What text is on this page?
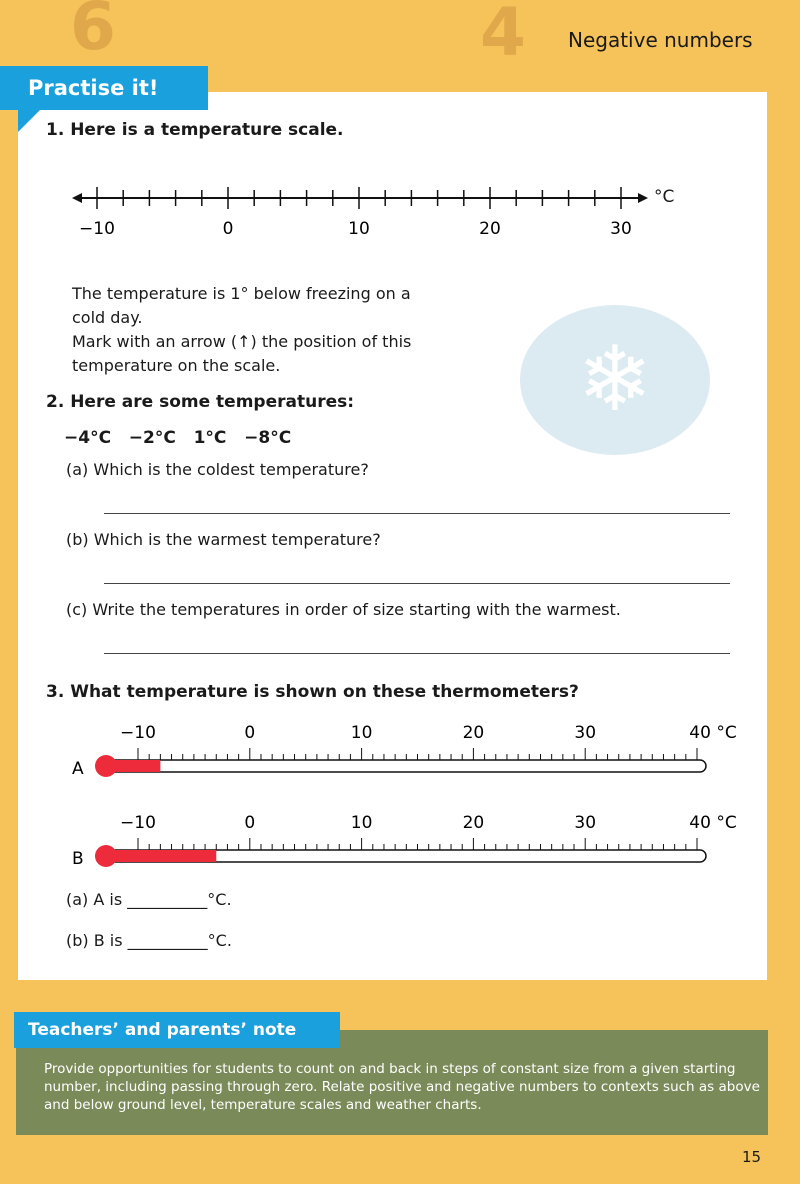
Practise it!
6	4 Negative numbers
1. Here is a temperature scale.
−10	0	10	20	30
°C
The temperature is 1° below freezing on a
cold day.
Mark with an arrow (↑) the position of this
temperature on the scale.	❄
2. Here are some temperatures:
−4°C   −2°C   1°C   −8°C
(a) Which is the coldest temperature?
(b) Which is the warmest temperature?
(c) Write the temperatures in order of size starting with the warmest.
3. What temperature is shown on these thermometers?
−10	0	10	20	30	40 °C
A
−10	0	10	20	30	40 °C
B
(a) A is __________°C.
(b) B is __________°C.
Teachers’ and parents’ note
Provide opportunities for students to count on and back in steps of constant size from a given starting number, including passing through zero. Relate positive and negative numbers to contexts such as above and below ground level, temperature scales and weather charts.
15
